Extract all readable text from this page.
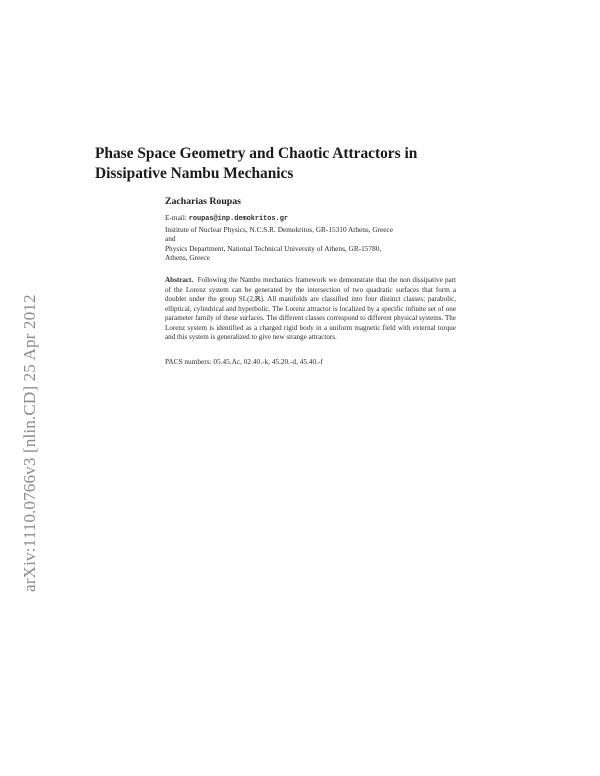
arXiv:1110.0766v3 [nlin.CD] 25 Apr 2012
Phase Space Geometry and Chaotic Attractors in
Dissipative Nambu Mechanics
Zacharias Roupas
E-mail: roupas@inp.demokritos.gr
Institute of Nuclear Physics, N.C.S.R. Demokritos, GR-15310 Athens, Greece
and
Physics Department, National Technical University of Athens, GR-15780,
Athens, Greece
Abstract. Following the Nambu mechanics framework we demonstrate that the non dissipative part of the Lorenz system can be generated by the intersection of two quadratic surfaces that form a doublet under the group SL(2,ℝ). All manifolds are classified into four distinct classes; parabolic, elliptical, cylindrical and hyperbolic. The Lorenz attractor is localized by a specific infinite set of one parameter family of these surfaces. The different classes correspond to different physical systems. The Lorenz system is identified as a charged rigid body in a uniform magnetic field with external torque and this system is generalized to give new strange attractors.
PACS numbers: 05.45.Ac, 02.40.-k, 45.20.-d, 45.40.-f
